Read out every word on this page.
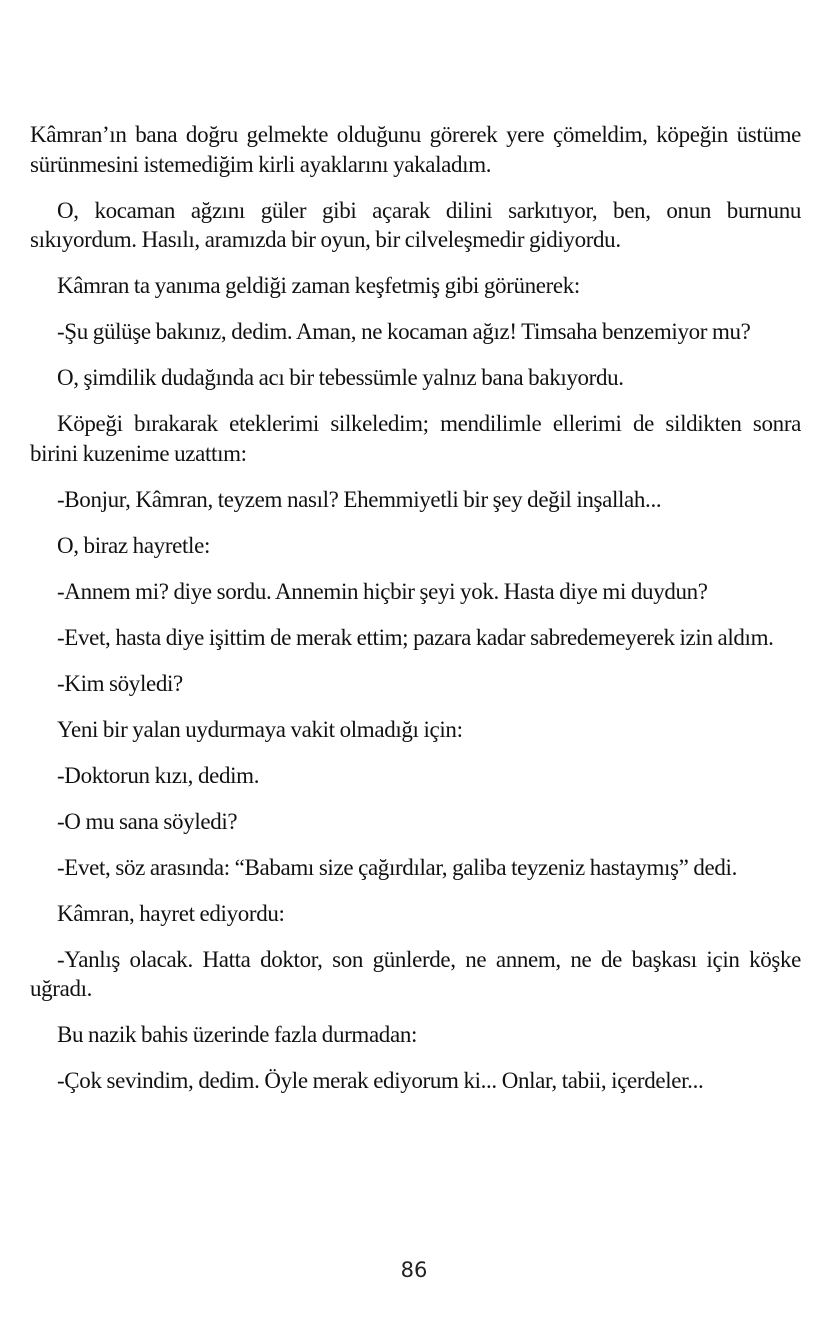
Kâmran’ın bana doğru gelmekte olduğunu görerek yere çömeldim, köpeğin üstüme sürünmesini istemediğim kirli ayaklarını yakaladım.

O, kocaman ağzını güler gibi açarak dilini sarkıtıyor, ben, onun burnunu sıkıyordum. Hasılı, aramızda bir oyun, bir cilveleşmedir gidiyordu.

Kâmran ta yanıma geldiği zaman keşfetmiş gibi görünerek:

-Şu gülüşe bakınız, dedim. Aman, ne kocaman ağız! Timsaha benzemiyor mu?

O, şimdilik dudağında acı bir tebessümle yalnız bana bakıyordu.

Köpeği bırakarak eteklerimi silkeledim; mendilimle ellerimi de sildikten sonra birini kuzenime uzattım:

-Bonjur, Kâmran, teyzem nasıl? Ehemmiyetli bir şey değil inşallah...

O, biraz hayretle:

-Annem mi? diye sordu. Annemin hiçbir şeyi yok. Hasta diye mi duydun?

-Evet, hasta diye işittim de merak ettim; pazara kadar sabredemeyerek izin aldım.

-Kim söyledi?

Yeni bir yalan uydurmaya vakit olmadığı için:

-Doktorun kızı, dedim.

-O mu sana söyledi?

-Evet, söz arasında: “Babamı size çağırdılar, galiba teyzeniz hastaymış” dedi.

Kâmran, hayret ediyordu:

-Yanlış olacak. Hatta doktor, son günlerde, ne annem, ne de başkası için köşke uğradı.

Bu nazik bahis üzerinde fazla durmadan:

-Çok sevindim, dedim. Öyle merak ediyorum ki... Onlar, tabii, içerdeler...

86
